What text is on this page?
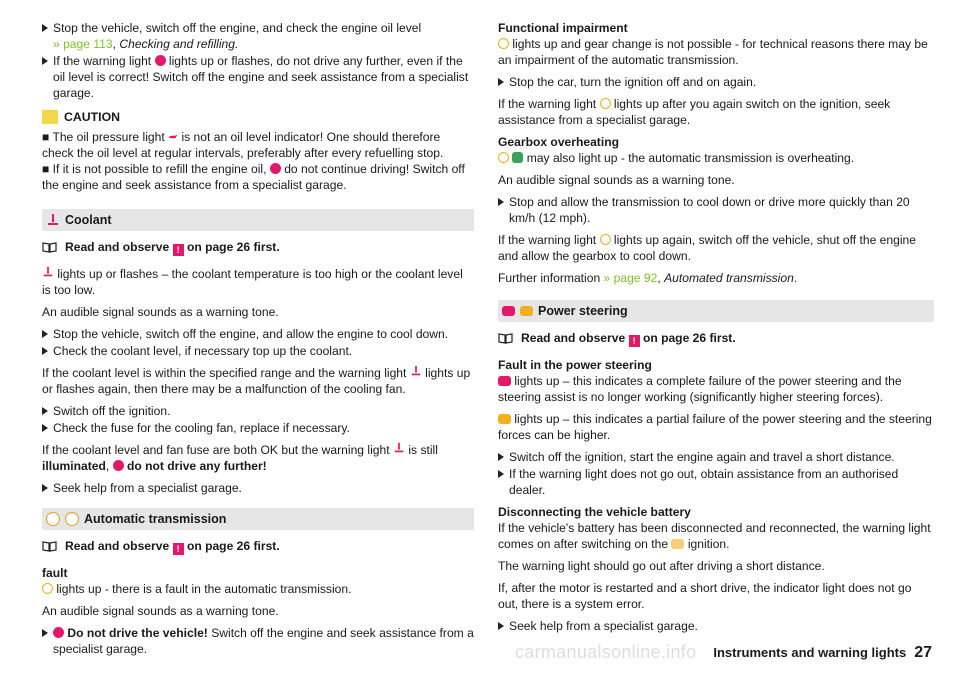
Stop the vehicle, switch off the engine, and check the engine oil level
» page 113, Checking and refilling.
If the warning light lights up or flashes, do not drive any further, even if the oil level is correct! Switch off the engine and seek assistance from a specialist garage.
CAUTION

■ The oil pressure light is not an oil level indicator! One should therefore check the oil level at regular intervals, preferably after every refuelling stop.

■ If it is not possible to refill the engine oil, do not continue driving! Switch off the engine and seek assistance from a specialist garage.

Coolant
Read and observe ! on page 26 first.

lights up or flashes – the coolant temperature is too high or the coolant level is too low.

An audible signal sounds as a warning tone.

Stop the vehicle, switch off the engine, and allow the engine to cool down.
Check the coolant level, if necessary top up the coolant.

If the coolant level is within the specified range and the warning light lights up or flashes again, then there may be a malfunction of the cooling fan.

Switch off the ignition.
Check the fuse for the cooling fan, replace if necessary.

If the coolant level and fan fuse are both OK but the warning light is still illuminated,  do not drive any further!

Seek help from a specialist garage.
Automatic transmission
Read and observe ! on page 26 first.

fault

lights up - there is a fault in the automatic transmission.

An audible signal sounds as a warning tone.

Do not drive the vehicle! Switch off the engine and seek assistance from a specialist garage.

Functional impairment

lights up and gear change is not possible - for technical reasons there may be an impairment of the automatic transmission.

Stop the car, turn the ignition off and on again.

If the warning light lights up after you again switch on the ignition, seek assistance from a specialist garage.

Gearbox overheating

may also light up - the automatic transmission is overheating.

An audible signal sounds as a warning tone.

Stop and allow the transmission to cool down or drive more quickly than 20 km/h (12 mph).

If the warning light lights up again, switch off the vehicle, shut off the engine and allow the gearbox to cool down.

Further information » page 92, Automated transmission.

Power steering
Read and observe ! on page 26 first.

Fault in the power steering

lights up – this indicates a complete failure of the power steering and the steering assist is no longer working (significantly higher steering forces).

lights up – this indicates a partial failure of the power steering and the steering forces can be higher.

Switch off the ignition, start the engine again and travel a short distance.
If the warning light does not go out, obtain assistance from an authorised dealer.

Disconnecting the vehicle battery

If the vehicle's battery has been disconnected and reconnected, the warning light comes on after switching on the ignition.

The warning light should go out after driving a short distance.

If, after the motor is restarted and a short drive, the indicator light does not go out, there is a system error.

Seek help from a specialist garage.
carmanualsonline.info Instruments and warning lights 27
